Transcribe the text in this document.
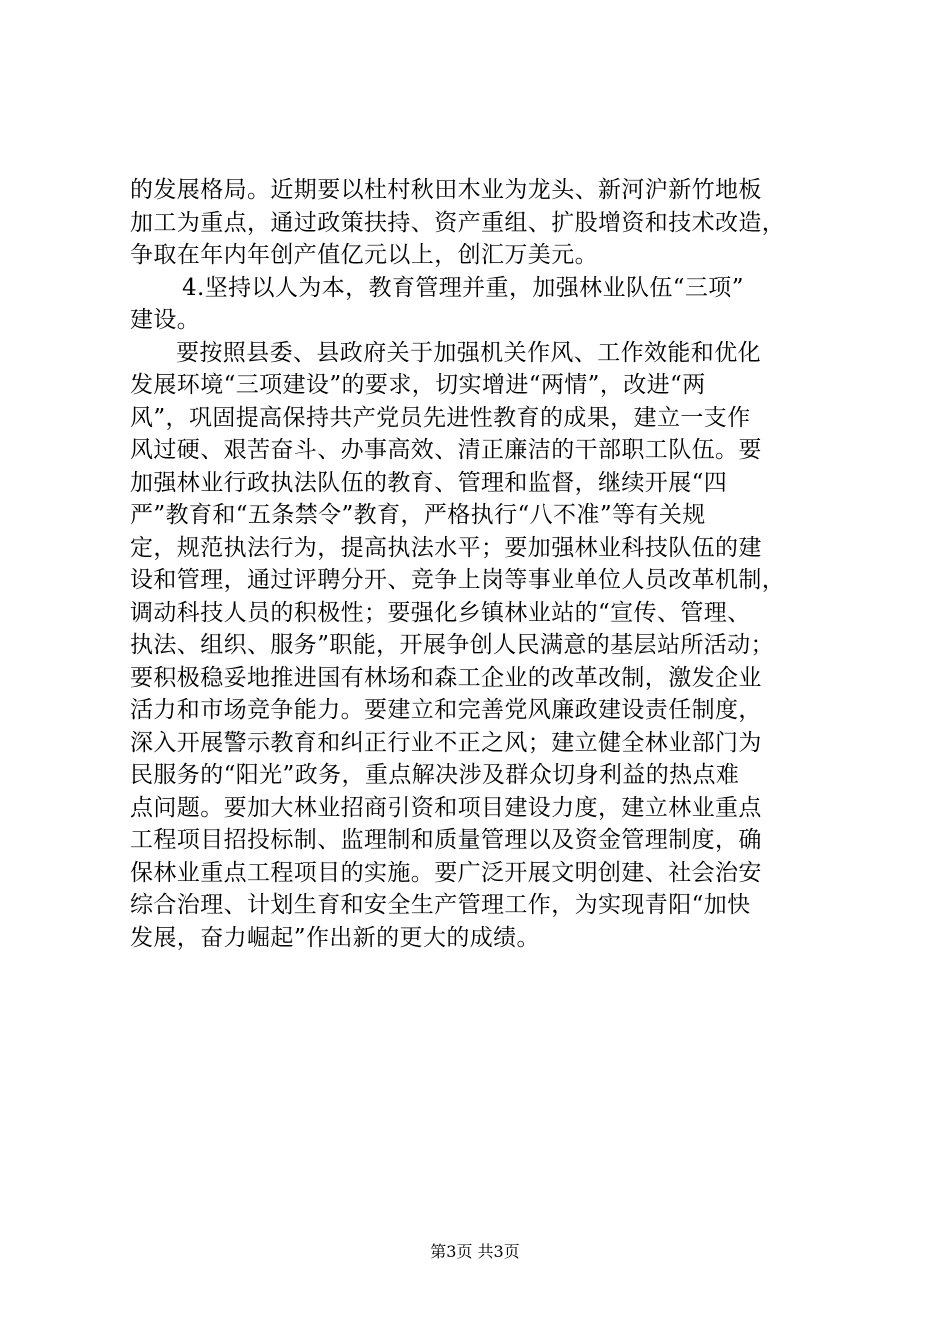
的发展格局。近期要以杜村秋田木业为龙头、新河沪新竹地板
加工为重点，通过政策扶持、资产重组、扩股增资和技术改造，
争取在年内年创产值亿元以上，创汇万美元。
4.坚持以人为本，教育管理并重，加强林业队伍“三项”
建设。
要按照县委、县政府关于加强机关作风、工作效能和优化
发展环境“三项建设”的要求，切实增进“两情”，改进“两
风”，巩固提高保持共产党员先进性教育的成果，建立一支作
风过硬、艰苦奋斗、办事高效、清正廉洁的干部职工队伍。要
加强林业行政执法队伍的教育、管理和监督，继续开展“四
严”教育和“五条禁令”教育，严格执行“八不准”等有关规
定，规范执法行为，提高执法水平；要加强林业科技队伍的建
设和管理，通过评聘分开、竞争上岗等事业单位人员改革机制，
调动科技人员的积极性；要强化乡镇林业站的“宣传、管理、
执法、组织、服务”职能，开展争创人民满意的基层站所活动；
要积极稳妥地推进国有林场和森工企业的改革改制，激发企业
活力和市场竞争能力。要建立和完善党风廉政建设责任制度，
深入开展警示教育和纠正行业不正之风；建立健全林业部门为
民服务的“阳光”政务，重点解决涉及群众切身利益的热点难
点问题。要加大林业招商引资和项目建设力度，建立林业重点
工程项目招投标制、监理制和质量管理以及资金管理制度，确
保林业重点工程项目的实施。要广泛开展文明创建、社会治安
综合治理、计划生育和安全生产管理工作，为实现青阳“加快
发展，奋力崛起”作出新的更大的成绩。
第3页 共3页
